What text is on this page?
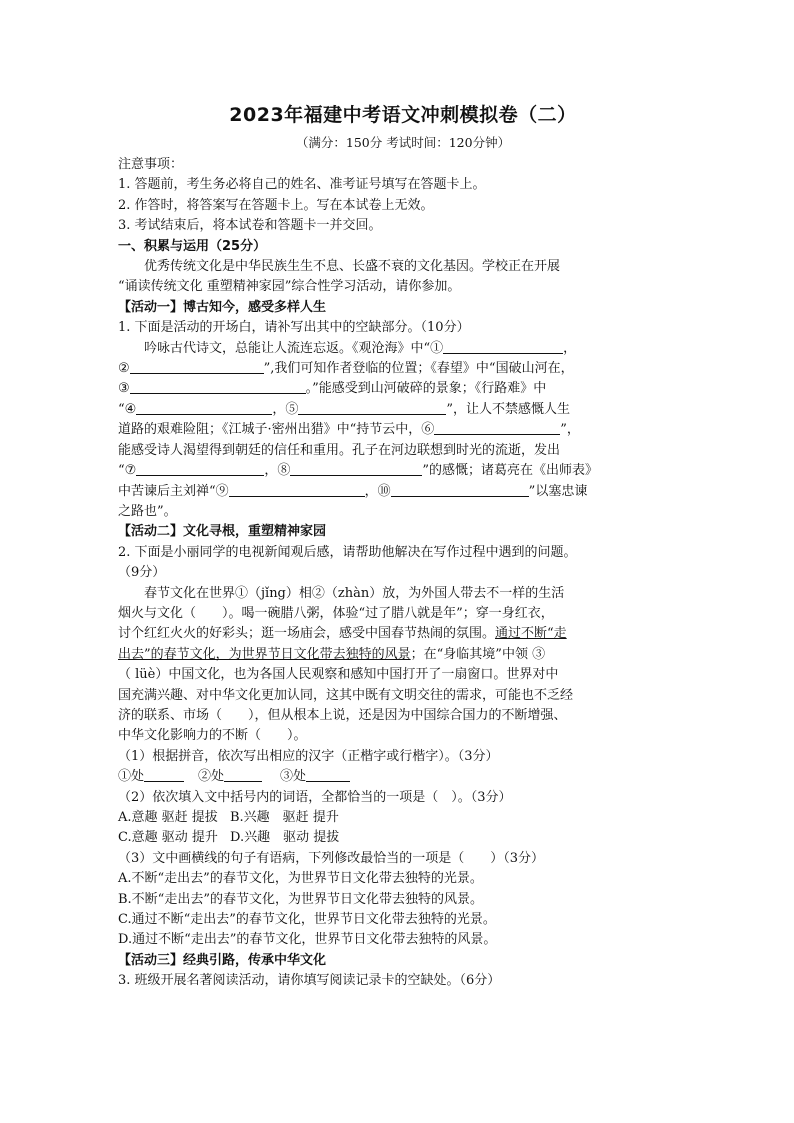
2023年福建中考语文冲刺模拟卷（二）
（满分：150分 考试时间：120分钟）
注意事项：
1. 答题前，考生务必将自己的姓名、准考证号填写在答题卡上。
2. 作答时，将答案写在答题卡上。写在本试卷上无效。
3. 考试结束后，将本试卷和答题卡一并交回。
一、积累与运用（25分）
优秀传统文化是中华民族生生不息、长盛不衰的文化基因。学校正在开展
“诵读传统文化 重塑精神家园”综合性学习活动，请你参加。
【活动一】博古知今，感受多样人生
1. 下面是活动的开场白，请补写出其中的空缺部分。（10分）
吟咏古代诗文，总能让人流连忘返。《观沧海》中“①	，
②	”,我们可知作者登临的位置；《春望》中“国破山河在，
③	。”能感受到山河破碎的景象；《行路难》中
“④	，⑤	”，让人不禁感慨人生
道路的艰难险阻；《江城子·密州出猎》中“持节云中，⑥	”，
能感受诗人渴望得到朝廷的信任和重用。孔子在河边联想到时光的流逝，发出
“⑦	，⑧	”的感慨；诸葛亮在《出师表》
中苦谏后主刘禅“⑨	，⑩	”以塞忠谏
之路也”。
【活动二】文化寻根，重塑精神家园
2. 下面是小丽同学的电视新闻观后感，请帮助他解决在写作过程中遇到的问题。
（9分）
春节文化在世界①（jǐng）相②（zhàn）放，为外国人带去不一样的生活
烟火与文化（　　）。喝一碗腊八粥，体验“过了腊八就是年”；穿一身红衣，
讨个红红火火的好彩头；逛一场庙会，感受中国春节热闹的氛围。通过不断“走
出去”的春节文化，为世界节日文化带去独特的风景；在“身临其境”中领 ③
（ lüè）中国文化，也为各国人民观察和感知中国打开了一扇窗口。世界对中
国充满兴趣、对中华文化更加认同，这其中既有文明交往的需求，可能也不乏经
济的联系、市场（　　），但从根本上说，还是因为中国综合国力的不断增强、
中华文化影响力的不断（　　）。
（1）根据拼音，依次写出相应的汉字（正楷字或行楷字）。（3分）
①处	②处	③处
（2）依次填入文中括号内的词语，全都恰当的一项是（　）。（3分）
A.意趣 驱赶 提拔 B.兴趣　驱赶 提升
C.意趣 驱动 提升 D.兴趣　驱动 提拔
（3）文中画横线的句子有语病，下列修改最恰当的一项是（　　）（3分）
A.不断“走出去”的春节文化，为世界节日文化带去独特的光景。
B.不断“走出去”的春节文化，为世界节日文化带去独特的风景。
C.通过不断“走出去”的春节文化，世界节日文化带去独特的光景。
D.通过不断“走出去”的春节文化，世界节日文化带去独特的风景。
【活动三】经典引路，传承中华文化
3. 班级开展名著阅读活动，请你填写阅读记录卡的空缺处。（6分）
